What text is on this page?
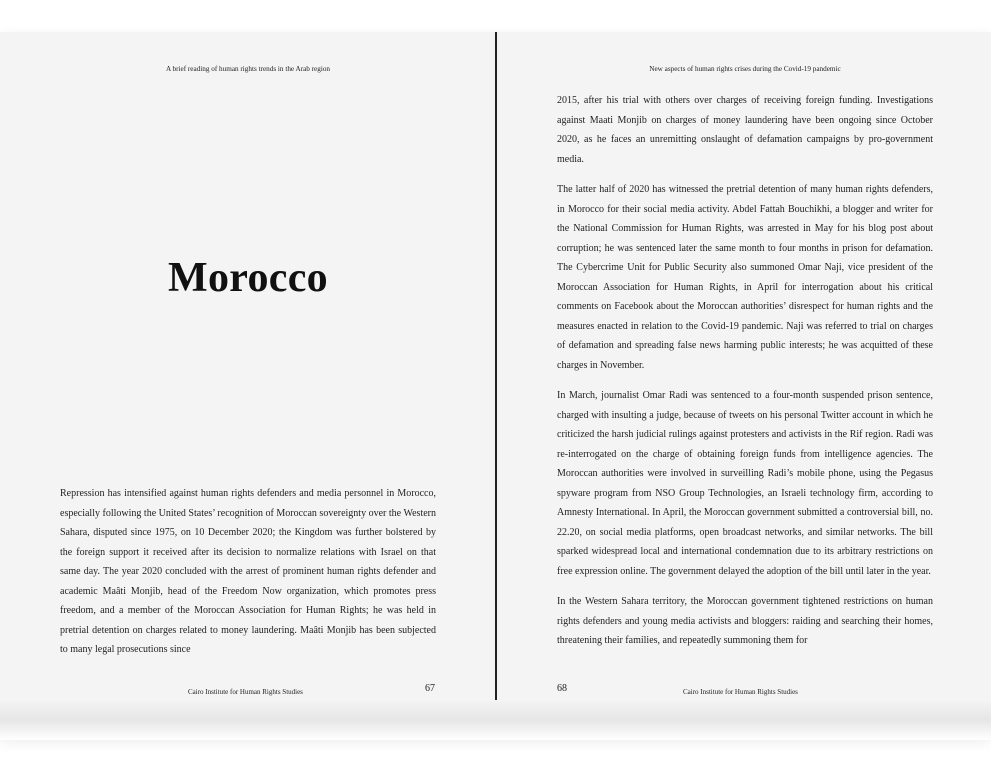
A brief reading of human rights trends in the Arab region
Morocco

Repression has intensified against human rights defenders and media personnel in Morocco, especially following the United States’ recognition of Moroccan sovereignty over the Western Sahara, disputed since 1975, on 10 December 2020; the Kingdom was further bolstered by the foreign support it received after its decision to normalize relations with Israel on that same day. The year 2020 concluded with the arrest of prominent human rights defender and academic Maâti Monjib, head of the Freedom Now organization, which promotes press freedom, and a member of the Moroccan Association for Human Rights; he was held in pretrial detention on charges related to money laundering. Maâti Monjib has been subjected to many legal prosecutions since

Cairo Institute for Human Rights Studies	67
New aspects of human rights crises during the Covid-19 pandemic

2015, after his trial with others over charges of receiving foreign funding. Investigations against Maati Monjib on charges of money laundering have been ongoing since October 2020, as he faces an unremitting onslaught of defamation campaigns by pro-government media.

The latter half of 2020 has witnessed the pretrial detention of many human rights defenders, in Morocco for their social media activity. Abdel Fattah Bouchikhi, a blogger and writer for the National Commission for Human Rights, was arrested in May for his blog post about corruption; he was sentenced later the same month to four months in prison for defamation. The Cybercrime Unit for Public Security also summoned Omar Naji, vice president of the Moroccan Association for Human Rights, in April for interrogation about his critical comments on Facebook about the Moroccan authorities’ disrespect for human rights and the measures enacted in relation to the Covid-19 pandemic. Naji was referred to trial on charges of defamation and spreading false news harming public interests; he was acquitted of these charges in November.

In March, journalist Omar Radi was sentenced to a four-month suspended prison sentence, charged with insulting a judge, because of tweets on his personal Twitter account in which he criticized the harsh judicial rulings against protesters and activists in the Rif region. Radi was re-interrogated on the charge of obtaining foreign funds from intelligence agencies. The Moroccan authorities were involved in surveilling Radi’s mobile phone, using the Pegasus spyware program from NSO Group Technologies, an Israeli technology firm, according to Amnesty International. In April, the Moroccan government submitted a controversial bill, no. 22.20, on social media platforms, open broadcast networks, and similar networks. The bill sparked widespread local and international condemnation due to its arbitrary restrictions on free expression online. The government delayed the adoption of the bill until later in the year.

In the Western Sahara territory, the Moroccan government tightened restrictions on human rights defenders and young media activists and bloggers: raiding and searching their homes, threatening their families, and repeatedly summoning them for

68	Cairo Institute for Human Rights Studies
